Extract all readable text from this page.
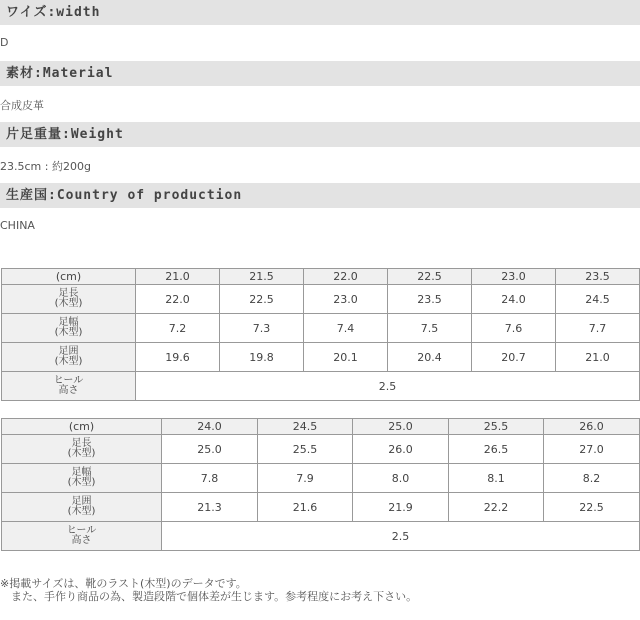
ワイズ:width
D
素材:Material
合成皮革
片足重量:Weight
23.5cm : 約200g
生産国:Country of production
CHINA
(cm)	21.0	21.5	22.0	22.5	23.0	23.5
足長
(木型)	22.0	22.5	23.0	23.5	24.0	24.5
足幅
(木型)	7.2	7.3	7.4	7.5	7.6	7.7
足囲
(木型)	19.6	19.8	20.1	20.4	20.7	21.0
ヒール
高さ	2.5					
(cm)	24.0	24.5	25.0	25.5	26.0
足長
(木型)	25.0	25.5	26.0	26.5	27.0
足幅
(木型)	7.8	7.9	8.0	8.1	8.2
足囲
(木型)	21.3	21.6	21.9	22.2	22.5
ヒール
高さ	2.5				
※掲載サイズは、靴のラスト(木型)のデータです。
　また、手作り商品の為、製造段階で個体差が生じます。参考程度にお考え下さい。
